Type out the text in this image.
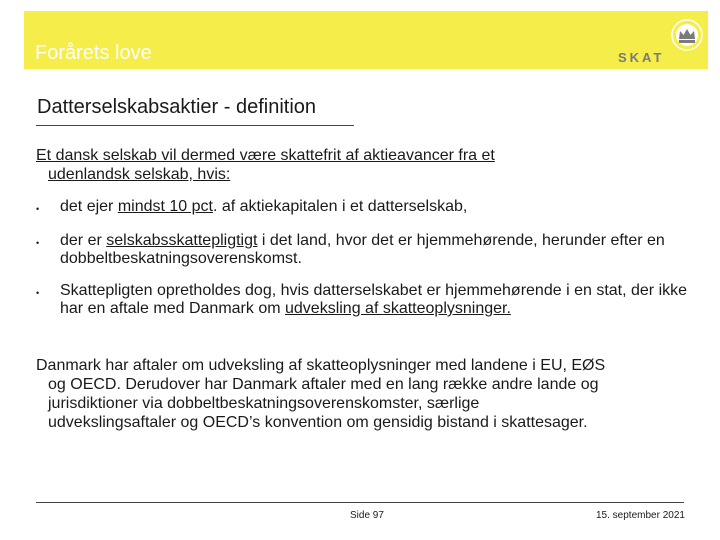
Forårets love	SKAT
Datterselskabsaktier - definition
Et dansk selskab vil dermed være skattefrit af aktieavancer fra et
udenlandsk selskab, hvis:
• det ejer mindst 10 pct. af aktiekapitalen i et datterselskab,
• der er selskabsskattepligtigt i det land, hvor det er hjemmehørende, herunder efter en dobbeltbeskatningsoverenskomst.
• Skattepligten opretholdes dog, hvis datterselskabet er hjemmehørende i en stat, der ikke har en aftale med Danmark om udveksling af skatteoplysninger.
Danmark har aftaler om udveksling af skatteoplysninger med landene i EU, EØS
og OECD. Derudover har Danmark aftaler med en lang række andre lande og
jurisdiktioner via dobbeltbeskatningsoverenskomster, særlige
udvekslingsaftaler og OECD’s konvention om gensidig bistand i skattesager.
Side 97	15. september 2021
